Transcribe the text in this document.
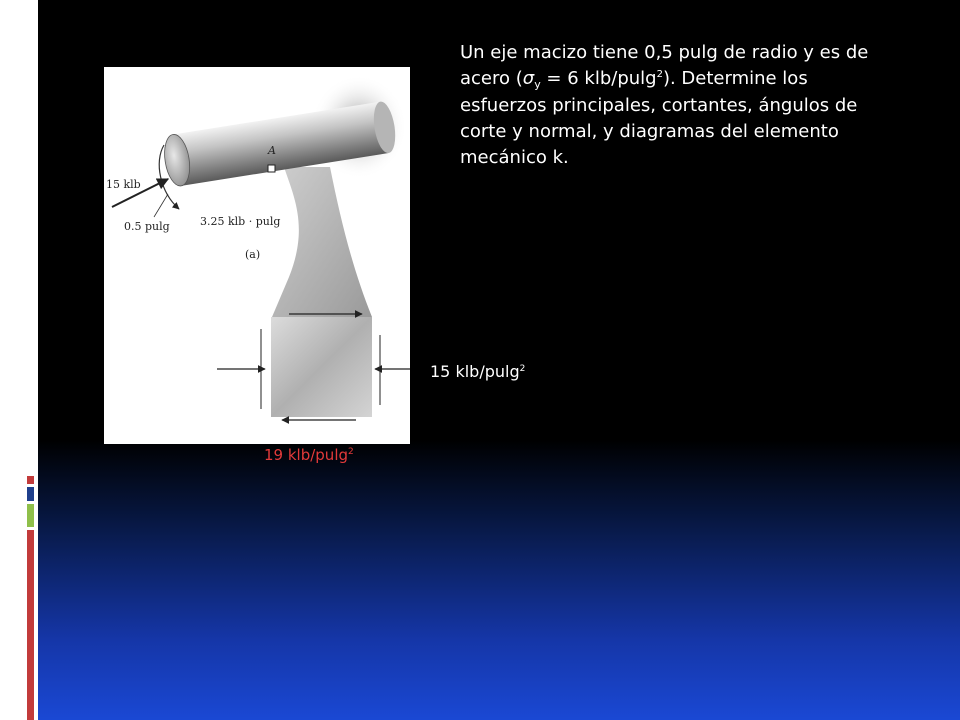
Un eje macizo tiene 0,5 pulg de radio y es de
acero ($\sigma_y = 6$ klb/pulg$^2$). Determine los
esfuerzos principales, cortantes, ángulos de
corte y normal, y diagramas del elemento
mecánico k.

A
15 klb
0.5 pulg	3.25 klb · pulg
(a)
15 klb/pulg$^2$
19 klb/pulg$^2$
